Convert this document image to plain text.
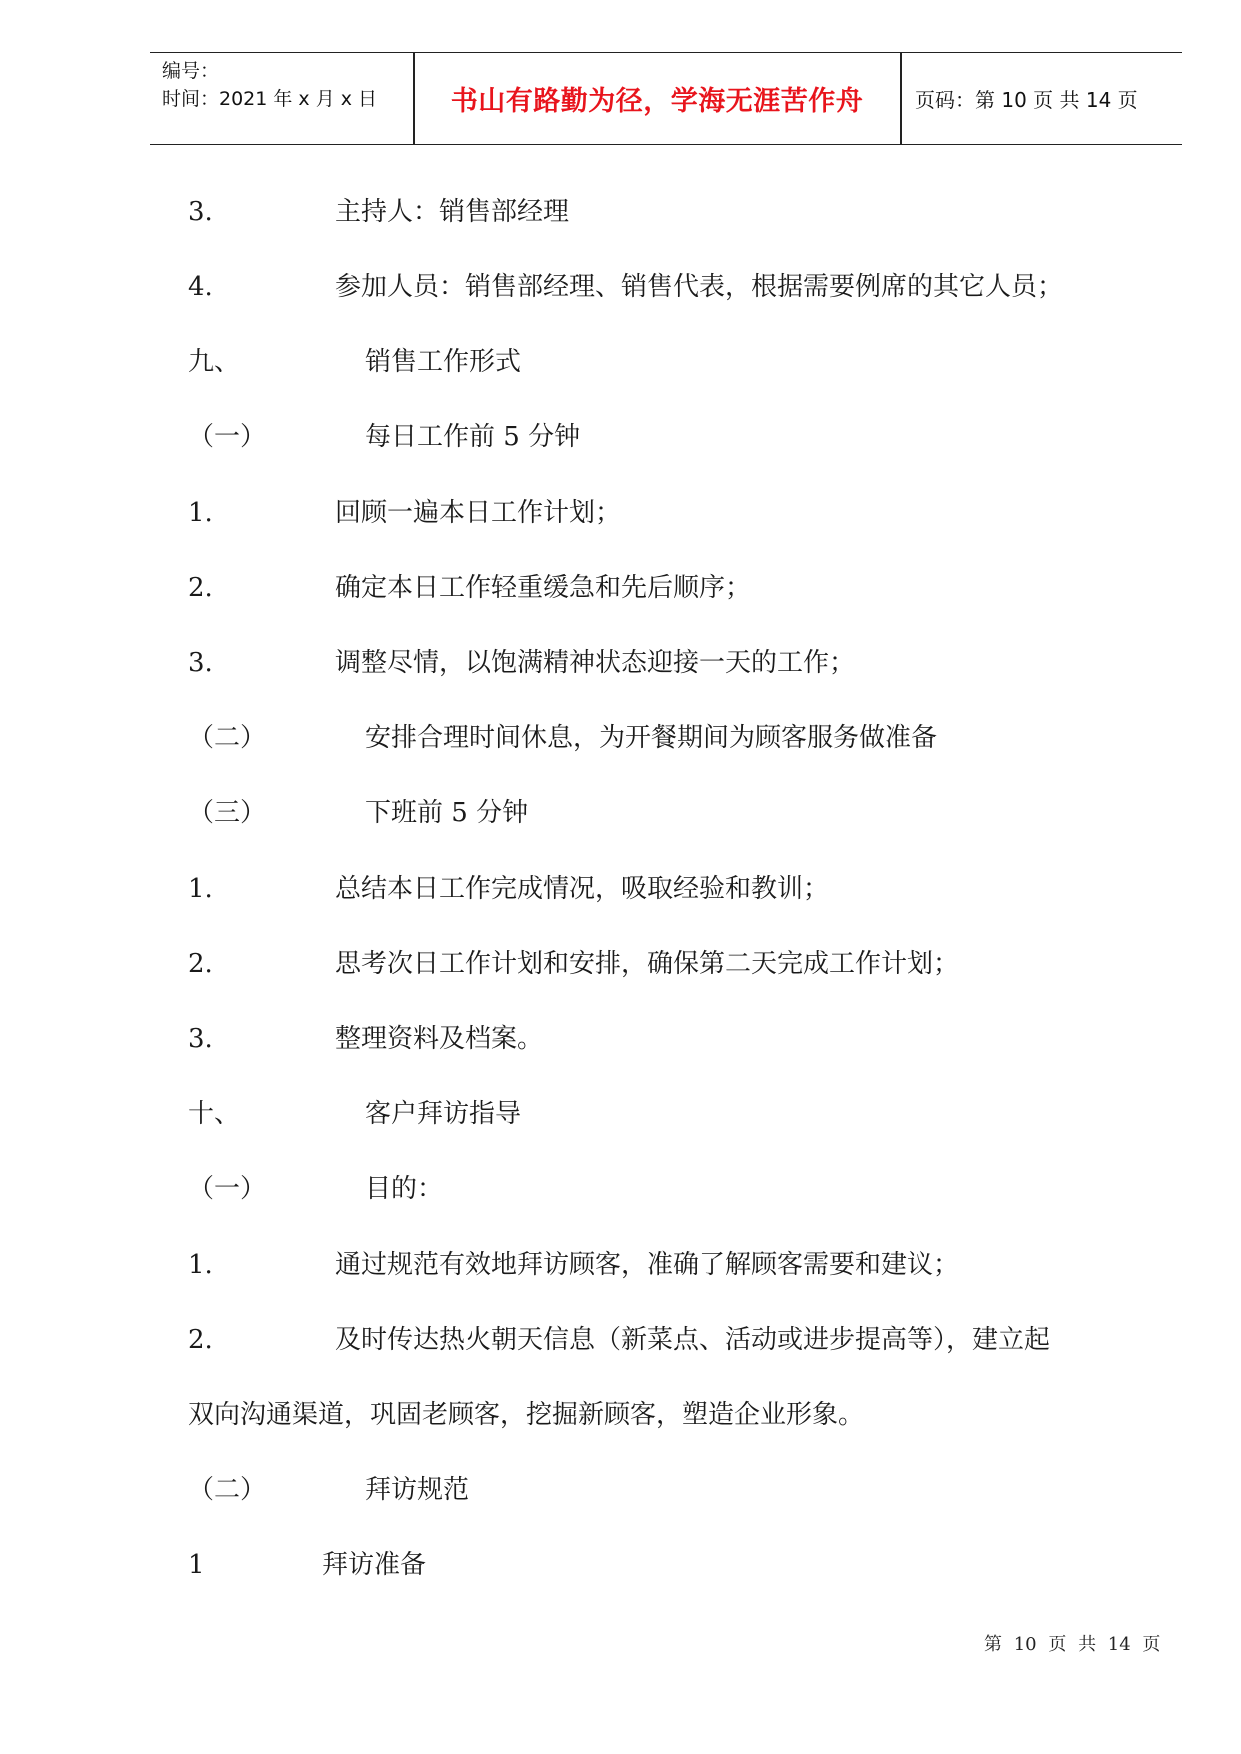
编号：
时间：2021 年 x 月 x 日	书山有路勤为径，学海无涯苦作舟	页码：第 10 页 共 14 页
3.	主持人：销售部经理
4.	参加人员：销售部经理、销售代表，根据需要例席的其它人员；
九、	销售工作形式
（一）	每日工作前 5 分钟
1.	回顾一遍本日工作计划；
2.	确定本日工作轻重缓急和先后顺序；
3.	调整尽情，以饱满精神状态迎接一天的工作；
（二）	安排合理时间休息，为开餐期间为顾客服务做准备
（三）	下班前 5 分钟
1.	总结本日工作完成情况，吸取经验和教训；
2.	思考次日工作计划和安排，确保第二天完成工作计划；
3.	整理资料及档案。
十、	客户拜访指导
（一）	目的：
1.	通过规范有效地拜访顾客，准确了解顾客需要和建议；
2.	及时传达热火朝天信息（新菜点、活动或进步提高等），建立起
双向沟通渠道，巩固老顾客，挖掘新顾客，塑造企业形象。
（二）	拜访规范
1	拜访准备
第 10 页 共 14 页
